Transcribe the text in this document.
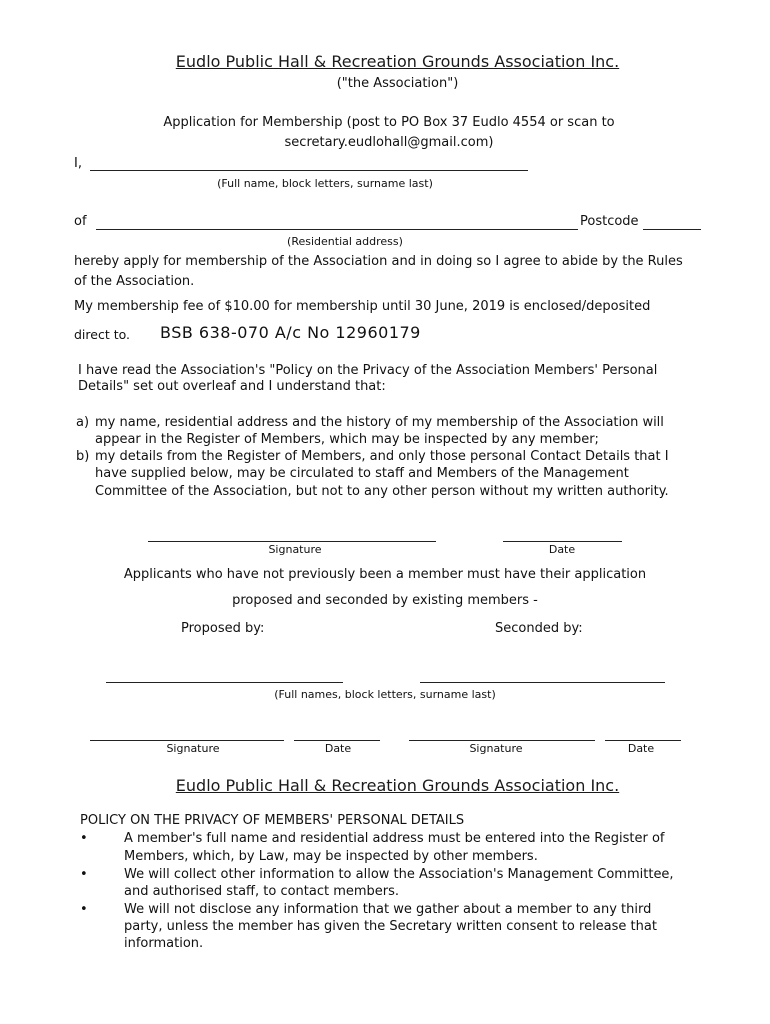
Eudlo Public Hall & Recreation Grounds Association Inc.
("the Association")
Application for Membership (post to PO Box 37 Eudlo 4554 or scan to
secretary.eudlohall@gmail.com)
I,
(Full name, block letters, surname last)
of	Postcode
(Residential address)
hereby apply for membership of the Association and in doing so I agree to abide by the Rules
of the Association.
My membership fee of $10.00 for membership until 30 June, 2019 is enclosed/deposited
direct to. BSB 638-070 A/c No 12960179
I have read the Association's "Policy on the Privacy of the Association Members' Personal
Details" set out overleaf and I understand that:
a) my name, residential address and the history of my membership of the Association will
appear in the Register of Members, which may be inspected by any member;
b) my details from the Register of Members, and only those personal Contact Details that I
have supplied below, may be circulated to staff and Members of the Management
Committee of the Association, but not to any other person without my written authority.
Signature	Date
Applicants who have not previously been a member must have their application
proposed and seconded by existing members -
Proposed by:	Seconded by:
(Full names, block letters, surname last)
Signature	Date	Signature	Date
Eudlo Public Hall & Recreation Grounds Association Inc.
POLICY ON THE PRIVACY OF MEMBERS' PERSONAL DETAILS
•	A member's full name and residential address must be entered into the Register of
Members, which, by Law, may be inspected by other members.
•	We will collect other information to allow the Association's Management Committee,
and authorised staff, to contact members.
•	We will not disclose any information that we gather about a member to any third
party, unless the member has given the Secretary written consent to release that
information.
